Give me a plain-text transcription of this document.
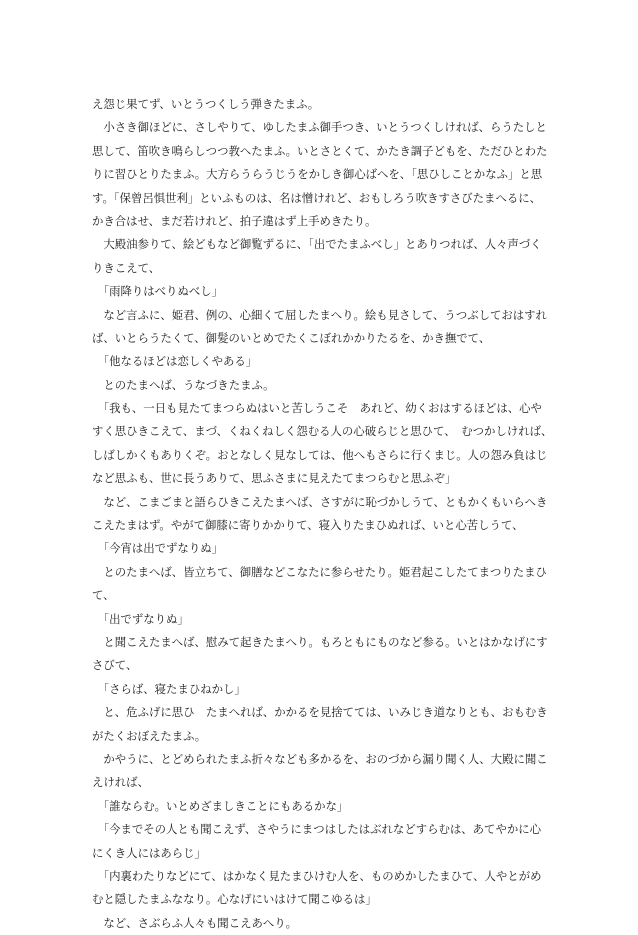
え怨じ果てず、いとうつくしう弾きたまふ。
　小さき御ほどに、さしやりて、ゆしたまふ御手つき、いとうつくしければ、らうたしと
思して、笛吹き鳴らしつつ教へたまふ。いとさとくて、かたき調子どもを、ただひとわた
りに習ひとりたまふ。大方らうらうじうをかしき御心ばへを、「思ひしことかなふ」と思
す。「保曾呂惧世利」といふものは、名は憎けれど、おもしろう吹きすさびたまへるに、
かき合はせ、まだ若けれど、拍子違はず上手めきたり。
　大殿油参りて、絵どもなど御覧ずるに、「出でたまふべし」とありつれば、人々声づく
りきこえて、
　「雨降りはべりぬべし」
　など言ふに、姫君、例の、心細くて屈したまへり。絵も見さして、うつぶしておはすれ
ば、いとらうたくて、御髪のいとめでたくこぼれかかりたるを、かき撫でて、
　「他なるほどは恋しくやある」
　とのたまへば、うなづきたまふ。
　「我も、一日も見たてまつらぬはいと苦しうこそ　あれど、幼くおはするほどは、心や
すく思ひきこえて、まづ、くねくねしく怨むる人の心破らじと思ひて、　むつかしければ、
しばしかくもありくぞ。おとなしく見なしては、他へもさらに行くまじ。人の怨み負はじ
など思ふも、世に長うありて、思ふさまに見えたてまつらむと思ふぞ」
　など、こまごまと語らひきこえたまへば、さすがに恥づかしうて、ともかくもいらへき
こえたまはず。やがて御膝に寄りかかりて、寝入りたまひぬれば、いと心苦しうて、
　「今宵は出でずなりぬ」
　とのたまへば、皆立ちて、御膳などこなたに参らせたり。姫君起こしたてまつりたまひ
て、
　「出でずなりぬ」
　と聞こえたまへば、慰みて起きたまへり。もろともにものなど参る。いとはかなげにす
さびて、
　「さらば、寝たまひねかし」
　と、危ふげに思ひ　たまへれば、かかるを見捨てては、いみじき道なりとも、おもむき
がたくおぼえたまふ。
　かやうに、とどめられたまふ折々なども多かるを、おのづから漏り聞く人、大殿に聞こ
えければ、
　「誰ならむ。いとめざましきことにもあるかな」
　「今までその人とも聞こえず、さやうにまつはしたはぶれなどすらむは、あてやかに心
にくき人にはあらじ」
　「内裏わたりなどにて、はかなく見たまひけむ人を、ものめかしたまひて、人やとがめ
むと隠したまふななり。心なげにいはけて聞こゆるは」
　など、さぶらふ人々も聞こえあへり。
